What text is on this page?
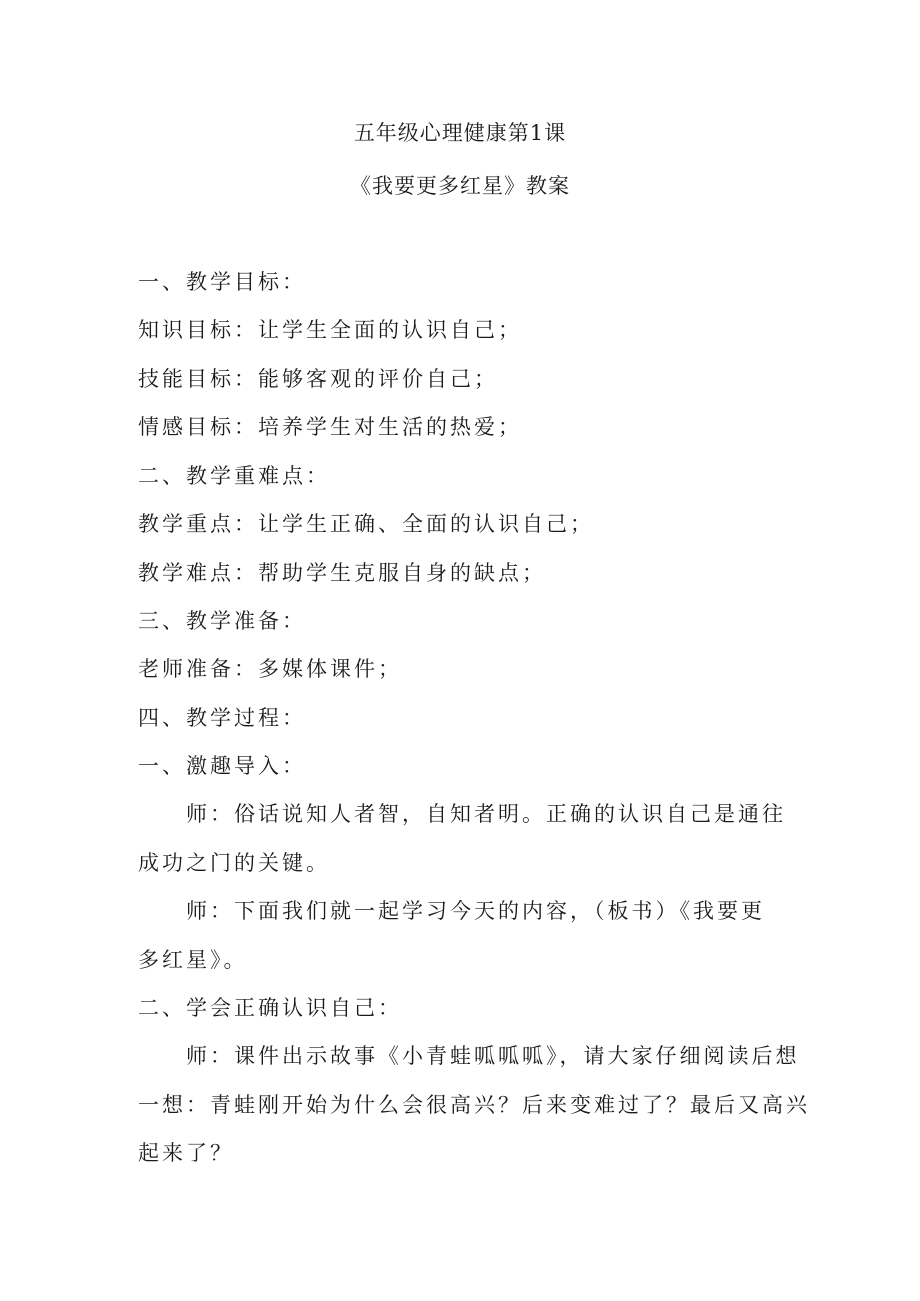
五年级心理健康第1课
《我要更多红星》教案
一、教学目标：
知识目标：让学生全面的认识自己；
技能目标：能够客观的评价自己；
情感目标：培养学生对生活的热爱；
二、教学重难点：
教学重点：让学生正确、全面的认识自己；
教学难点：帮助学生克服自身的缺点；
三、教学准备：
老师准备：多媒体课件；
四、教学过程：
一、激趣导入：
师：俗话说知人者智，自知者明。正确的认识自己是通往
成功之门的关键。
师：下面我们就一起学习今天的内容，（板书）《我要更
多红星》。
二、学会正确认识自己：
师：课件出示故事《小青蛙呱呱呱》，请大家仔细阅读后想
一想：青蛙刚开始为什么会很高兴？后来变难过了？最后又高兴
起来了？
